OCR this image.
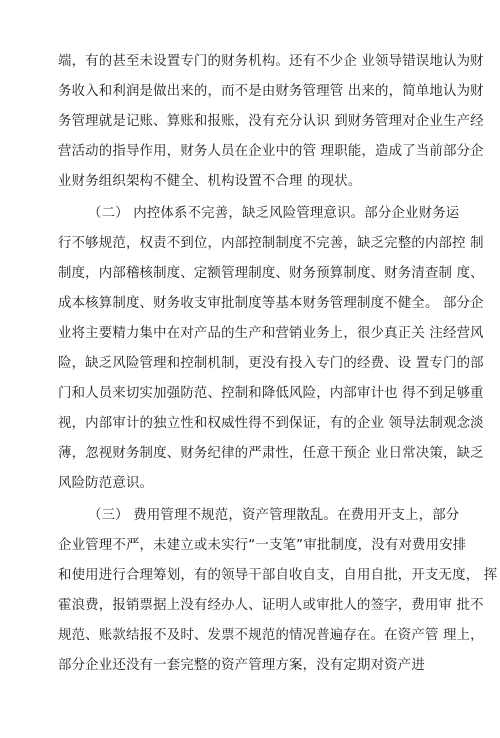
端，有的甚至未设置专门的财务机构。还有不少企 业领导错误地认为财
务收入和利润是做出来的，而不是由财务管理管 出来的，简单地认为财
务管理就是记账、算账和报账，没有充分认识 到财务管理对企业生产经
营活动的指导作用，财务人员在企业中的管 理职能，造成了当前部分企
业财务组织架构不健全、机构设置不合理 的现状。
（二） 内控体系不完善，缺乏风险管理意识。部分企业财务运
行不够规范，权责不到位，内部控制制度不完善，缺乏完整的内部控 制
制度，内部稽核制度、定额管理制度、财务预算制度、财务清查制 度、
成本核算制度、财务收支审批制度等基本财务管理制度不健全。 部分企
业将主要精力集中在对产品的生产和营销业务上，很少真正关 注经营风
险，缺乏风险管理和控制机制，更没有投入专门的经费、设 置专门的部
门和人员来切实加强防范、控制和降低风险，内部审计也 得不到足够重
视，内部审计的独立性和权威性得不到保证，有的企业 领导法制观念淡
薄，忽视财务制度、财务纪律的严肃性，任意干预企 业日常决策，缺乏
风险防范意识。
（三） 费用管理不规范，资产管理散乱。在费用开支上，部分
企业管理不严，未建立或未实行“一支笔”审批制度，没有对费用安排
和使用进行合理筹划，有的领导干部自收自支，自用自批，开支无度， 挥
霍浪费，报销票据上没有经办人、证明人或审批人的签字，费用审 批不
规范、账款结报不及时、发票不规范的情况普遍存在。在资产管 理上，
部分企业还没有一套完整的资产管理方案，没有定期对资产进
